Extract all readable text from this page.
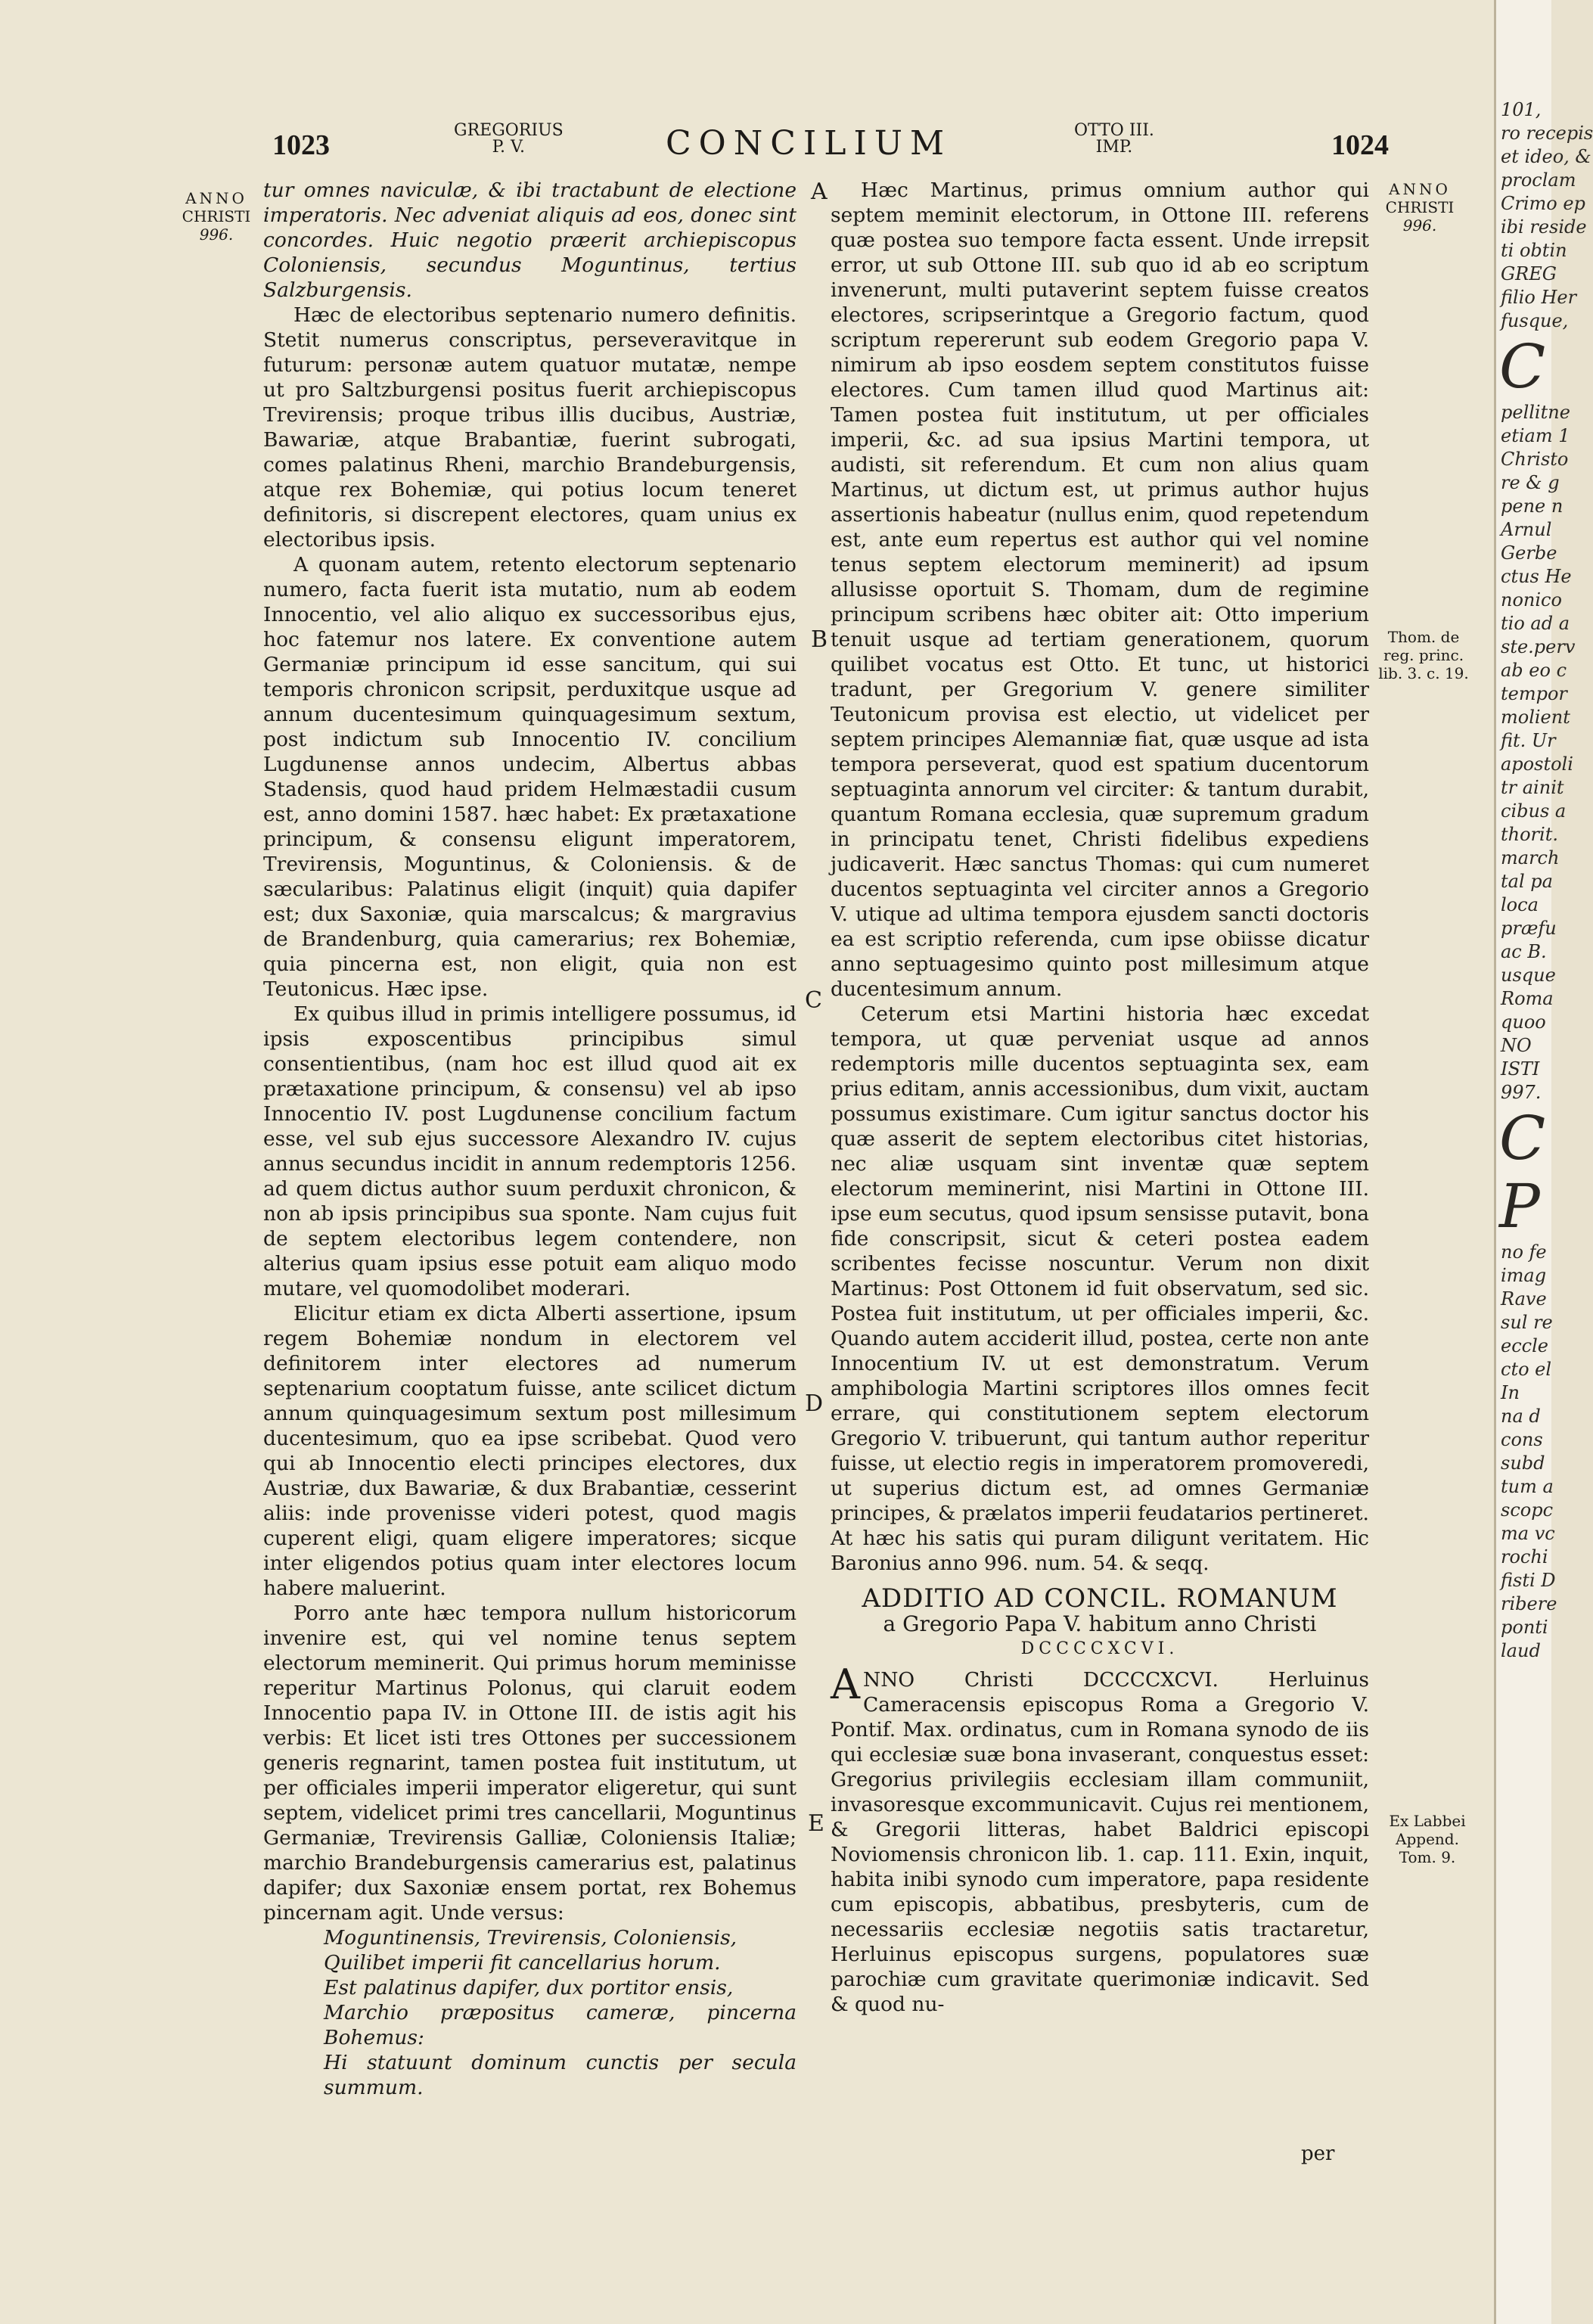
1023	GREGORIUS
P. V.	CONCILIUM	OTTO III.
IMP.	1024
ANNO
CHRISTI
996.
ANNO
CHRISTI
996.
Thom. de reg. princ. lib. 3. c. 19.
Ex Labbei Append. Tom. 9.
A
B
C
D
E

tur omnes naviculæ, & ibi tractabunt de electione imperatoris. Nec adveniat aliquis ad eos, donec sint concordes. Huic negotio præerit archiepiscopus Coloniensis, secundus Moguntinus, tertius Salzburgensis.

Hæc de electoribus septenario numero definitis. Stetit numerus conscriptus, perseveravitque in futurum: personæ autem quatuor mutatæ, nempe ut pro Saltzburgensi positus fuerit archiepiscopus Trevirensis; proque tribus illis ducibus, Austriæ, Bawariæ, atque Brabantiæ, fuerint subrogati, comes palatinus Rheni, marchio Brandeburgensis, atque rex Bohemiæ, qui potius locum teneret definitoris, si discrepent electores, quam unius ex electoribus ipsis.

A quonam autem, retento electorum septenario numero, facta fuerit ista mutatio, num ab eodem Innocentio, vel alio aliquo ex successoribus ejus, hoc fatemur nos latere. Ex conventione autem Germaniæ principum id esse sancitum, qui sui temporis chronicon scripsit, perduxitque usque ad annum ducentesimum quinquagesimum sextum, post indictum sub Innocentio IV. concilium Lugdunense annos undecim, Albertus abbas Stadensis, quod haud pridem Helmæstadii cusum est, anno domini 1587. hæc habet: Ex prætaxatione principum, & consensu eligunt imperatorem, Trevirensis, Moguntinus, & Coloniensis. & de sæcularibus: Palatinus eligit (inquit) quia dapifer est; dux Saxoniæ, quia marscalcus; & margravius de Brandenburg, quia camerarius; rex Bohemiæ, quia pincerna est, non eligit, quia non est Teutonicus. Hæc ipse.

Ex quibus illud in primis intelligere possumus, id ipsis exposcentibus principibus simul consentientibus, (nam hoc est illud quod ait ex prætaxatione principum, & consensu) vel ab ipso Innocentio IV. post Lugdunense concilium factum esse, vel sub ejus successore Alexandro IV. cujus annus secundus incidit in annum redemptoris 1256. ad quem dictus author suum perduxit chronicon, & non ab ipsis principibus sua sponte. Nam cujus fuit de septem electoribus legem contendere, non alterius quam ipsius esse potuit eam aliquo modo mutare, vel quomodolibet moderari.

Elicitur etiam ex dicta Alberti assertione, ipsum regem Bohemiæ nondum in electorem vel definitorem inter electores ad numerum septenarium cooptatum fuisse, ante scilicet dictum annum quinquagesimum sextum post millesimum ducentesimum, quo ea ipse scribebat. Quod vero qui ab Innocentio electi principes electores, dux Austriæ, dux Bawariæ, & dux Brabantiæ, cesserint aliis: inde provenisse videri potest, quod magis cuperent eligi, quam eligere imperatores; sicque inter eligendos potius quam inter electores locum habere maluerint.

Porro ante hæc tempora nullum historicorum invenire est, qui vel nomine tenus septem electorum meminerit. Qui primus horum meminisse reperitur Martinus Polonus, qui claruit eodem Innocentio papa IV. in Ottone III. de istis agit his verbis: Et licet isti tres Ottones per successionem generis regnarint, tamen postea fuit institutum, ut per officiales imperii imperator eligeretur, qui sunt septem, videlicet primi tres cancellarii, Moguntinus Germaniæ, Trevirensis Galliæ, Coloniensis Italiæ; marchio Brandeburgensis camerarius est, palatinus dapifer; dux Saxoniæ ensem portat, rex Bohemus pincernam agit. Unde versus:

Moguntinensis, Trevirensis, Coloniensis,
Quilibet imperii fit cancellarius horum.
Est palatinus dapifer, dux portitor ensis,
Marchio præpositus cameræ, pincerna Bohemus:
Hi statuunt dominum cunctis per secula summum.

Hæc Martinus, primus omnium author qui septem meminit electorum, in Ottone III. referens quæ postea suo tempore facta essent. Unde irrepsit error, ut sub Ottone III. sub quo id ab eo scriptum invenerunt, multi putaverint septem fuisse creatos electores, scripserintque a Gregorio factum, quod scriptum repererunt sub eodem Gregorio papa V. nimirum ab ipso eosdem septem constitutos fuisse electores. Cum tamen illud quod Martinus ait: Tamen postea fuit institutum, ut per officiales imperii, &c. ad sua ipsius Martini tempora, ut audisti, sit referendum. Et cum non alius quam Martinus, ut dictum est, ut primus author hujus assertionis habeatur (nullus enim, quod repetendum est, ante eum repertus est author qui vel nomine tenus septem electorum meminerit) ad ipsum allusisse oportuit S. Thomam, dum de regimine principum scribens hæc obiter ait: Otto imperium tenuit usque ad tertiam generationem, quorum quilibet vocatus est Otto. Et tunc, ut historici tradunt, per Gregorium V. genere similiter Teutonicum provisa est electio, ut videlicet per septem principes Alemanniæ fiat, quæ usque ad ista tempora perseverat, quod est spatium ducentorum septuaginta annorum vel circiter: & tantum durabit, quantum Romana ecclesia, quæ supremum gradum in principatu tenet, Christi fidelibus expediens judicaverit. Hæc sanctus Thomas: qui cum numeret ducentos septuaginta vel circiter annos a Gregorio V. utique ad ultima tempora ejusdem sancti doctoris ea est scriptio referenda, cum ipse obiisse dicatur anno septuagesimo quinto post millesimum atque ducentesimum annum.

Ceterum etsi Martini historia hæc excedat tempora, ut quæ perveniat usque ad annos redemptoris mille ducentos septuaginta sex, eam prius editam, annis accessionibus, dum vixit, auctam possumus existimare. Cum igitur sanctus doctor his quæ asserit de septem electoribus citet historias, nec aliæ usquam sint inventæ quæ septem electorum meminerint, nisi Martini in Ottone III. ipse eum secutus, quod ipsum sensisse putavit, bona fide conscripsit, sicut & ceteri postea eadem scribentes fecisse noscuntur. Verum non dixit Martinus: Post Ottonem id fuit observatum, sed sic. Postea fuit institutum, ut per officiales imperii, &c. Quando autem acciderit illud, postea, certe non ante Innocentium IV. ut est demonstratum. Verum amphibologia Martini scriptores illos omnes fecit errare, qui constitutionem septem electorum Gregorio V. tribuerunt, qui tantum author reperitur fuisse, ut electio regis in imperatorem promoveredi, ut superius dictum est, ad omnes Germaniæ principes, & prælatos imperii feudatarios pertineret. At hæc his satis qui puram diligunt veritatem. Hic Baronius anno 996. num. 54. & seqq.

ADDITIO AD CONCIL. ROMANUM
a Gregorio Papa V. habitum anno Christi
DCCCCXCVI.

ANNO Christi DCCCCXCVI. Herluinus Cameracensis episcopus Roma a Gregorio V. Pontif. Max. ordinatus, cum in Romana synodo de iis qui ecclesiæ suæ bona invaserant, conquestus esset: Gregorius privilegiis ecclesiam illam communiit, invasoresque excommunicavit. Cujus rei mentionem, & Gregorii litteras, habet Baldrici episcopi Noviomensis chronicon lib. 1. cap. 111. Exin, inquit, habita inibi synodo cum imperatore, papa residente cum episcopis, abbatibus, presbyteris, cum de necessariis ecclesiæ negotiis satis tractaretur, Herluinus episcopus surgens, populatores suæ parochiæ cum gravitate querimoniæ indicavit. Sed & quod nu-

per
101,
ro recepis
et ideo, &
proclam
Crimo ep
ibi reside
ti obtin
GREG
filio Her
fusque,
C
pellitne
etiam 1
Christo
re & g
pene n
Arnul
Gerbe
ctus He
nonico
tio ad a
ste.perv
ab eo c
tempor
molient
fit. Ur
apostoli
tr ainit
cibus a
thorit.
march
tal pa
loca
præfu
ac B.
usque
Roma
quoo
NO
ISTI
997.
C
P
no fe
imag
Rave
sul re
eccle
cto el
In
na d
cons
subd
tum a
scopc
ma vc
rochi
fisti D
ribere
ponti
laud
